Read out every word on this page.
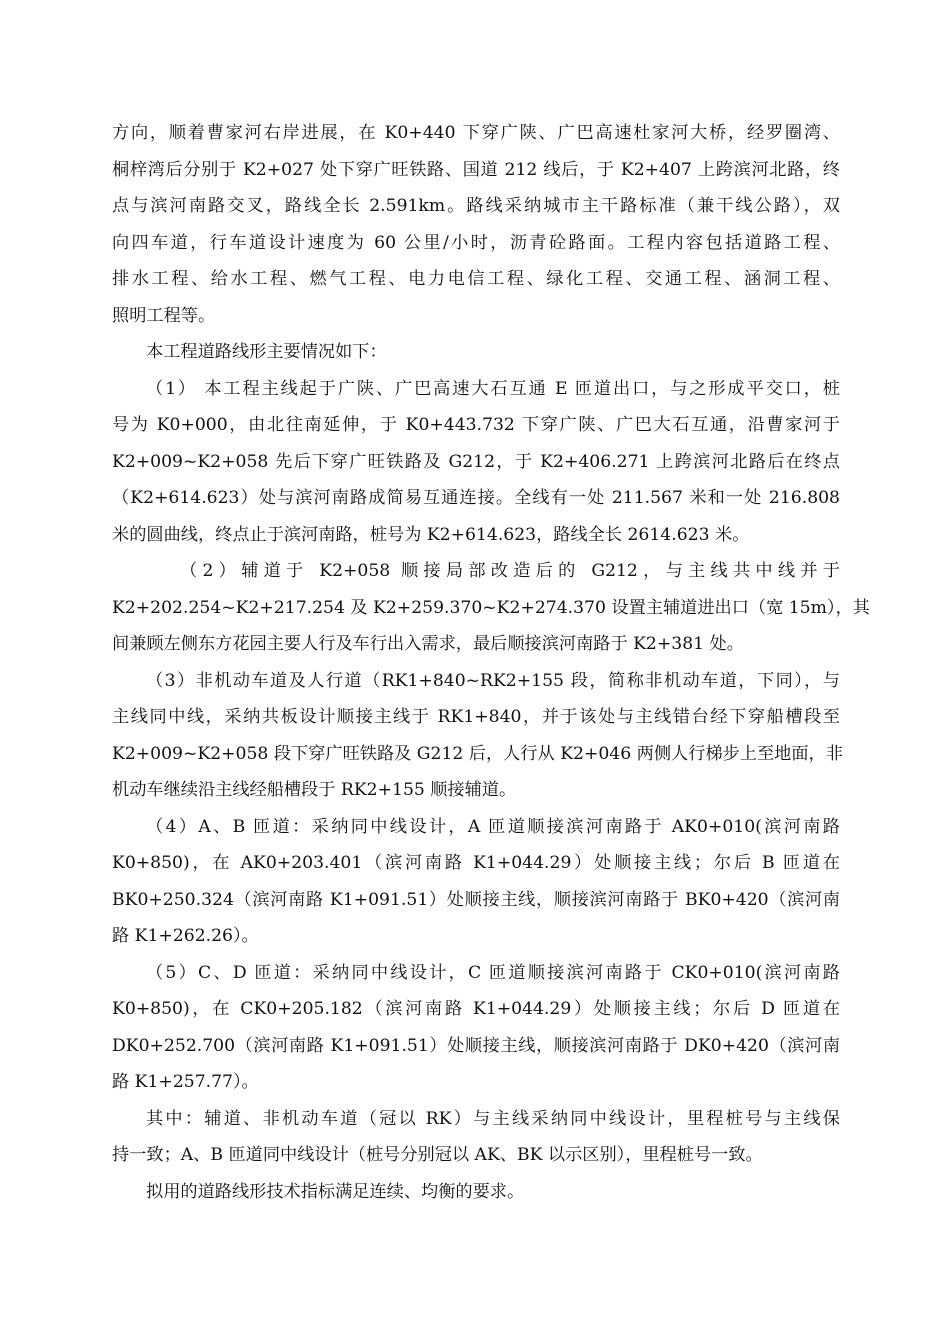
方向，顺着曹家河右岸进展，在 K0+440 下穿广陕、广巴高速杜家河大桥，经罗圈湾、
桐梓湾后分别于 K2+027 处下穿广旺铁路、国道 212 线后，于 K2+407 上跨滨河北路，终
点与滨河南路交叉，路线全长 2.591km。路线采纳城市主干路标准（兼干线公路），双
向四车道，行车道设计速度为 60 公里/小时，沥青砼路面。工程内容包括道路工程、
排水工程、给水工程、燃气工程、电力电信工程、绿化工程、交通工程、涵洞工程、
照明工程等。
本工程道路线形主要情况如下：
（1） 本工程主线起于广陕、广巴高速大石互通 E 匝道出口，与之形成平交口，桩
号为 K0+000，由北往南延伸，于 K0+443.732 下穿广陕、广巴大石互通，沿曹家河于
K2+009~K2+058 先后下穿广旺铁路及 G212，于 K2+406.271 上跨滨河北路后在终点
（K2+614.623）处与滨河南路成简易互通连接。全线有一处 211.567 米和一处 216.808
米的圆曲线，终点止于滨河南路，桩号为 K2+614.623，路线全长 2614.623 米。
（2）辅道于 K2+058 顺接局部改造后的 G212，与主线共中线并于
K2+202.254~K2+217.254 及 K2+259.370~K2+274.370 设置主辅道进出口（宽 15m），其
间兼顾左侧东方花园主要人行及车行出入需求，最后顺接滨河南路于 K2+381 处。
（3）非机动车道及人行道（RK1+840~RK2+155 段，简称非机动车道，下同），与
主线同中线，采纳共板设计顺接主线于 RK1+840，并于该处与主线错台经下穿船槽段至
K2+009~K2+058 段下穿广旺铁路及 G212 后，人行从 K2+046 两侧人行梯步上至地面，非
机动车继续沿主线经船槽段于 RK2+155 顺接辅道。
（4）A、B 匝道：采纳同中线设计，A 匝道顺接滨河南路于 AK0+010(滨河南路
K0+850)，在 AK0+203.401（滨河南路 K1+044.29）处顺接主线；尔后 B 匝道在
BK0+250.324（滨河南路 K1+091.51）处顺接主线，顺接滨河南路于 BK0+420（滨河南
路 K1+262.26）。
（5）C、D 匝道：采纳同中线设计，C 匝道顺接滨河南路于 CK0+010(滨河南路
K0+850)，在 CK0+205.182（滨河南路 K1+044.29）处顺接主线；尔后 D 匝道在
DK0+252.700（滨河南路 K1+091.51）处顺接主线，顺接滨河南路于 DK0+420（滨河南
路 K1+257.77）。
其中：辅道、非机动车道（冠以 RK）与主线采纳同中线设计，里程桩号与主线保
持一致；A、B 匝道同中线设计（桩号分别冠以 AK、BK 以示区别），里程桩号一致。
拟用的道路线形技术指标满足连续、均衡的要求。
